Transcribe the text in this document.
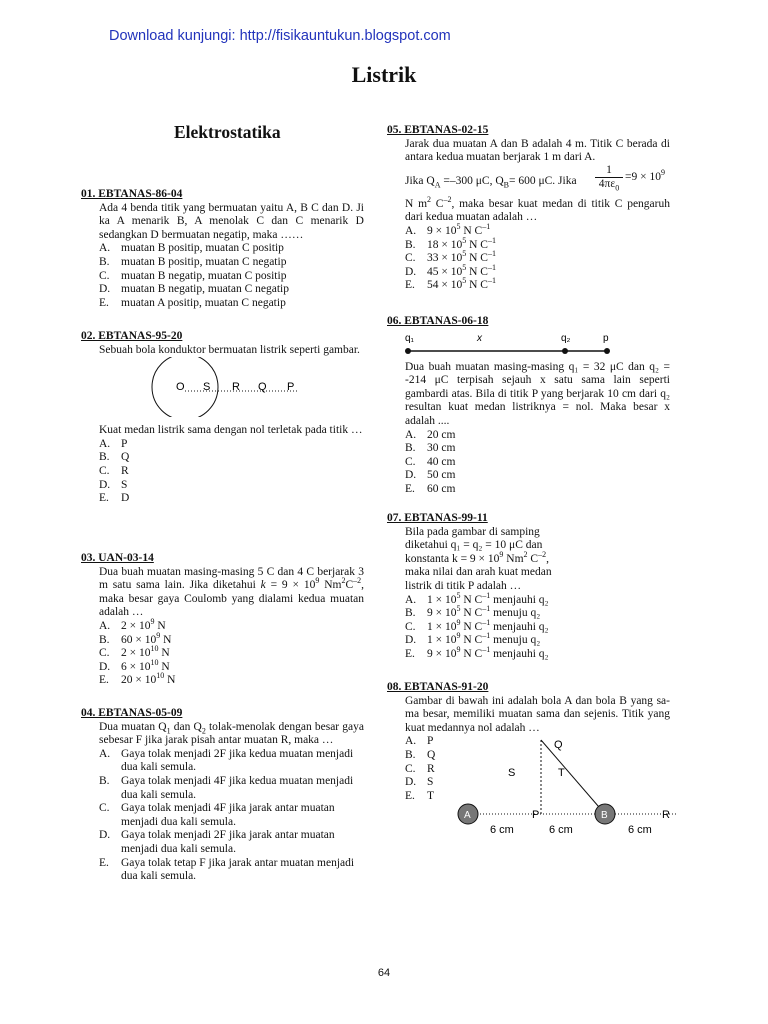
Download kunjungi: http://fisikauntukun.blogspot.com
Listrik
Elektrostatika
01. EBTANAS-86-04
Ada 4 benda titik yang bermuatan yaitu A, B C dan D. Ji ka A menarik B, A menolak C dan C menarik D sedangkan D bermuatan negatip, maka ……
A. muatan B positip, muatan C positip
B. muatan B positip, muatan C negatip
C. muatan B negatip, muatan C positip
D. muatan B negatip, muatan C negatip
E. muatan A positip, muatan C negatip
02. EBTANAS-95-20
Sebuah bola konduktor bermuatan listrik seperti gambar.
O S R Q P
Kuat medan listrik sama dengan nol terletak pada titik …
A. P
B. Q
C. R
D. S
E. D
03. UAN-03-14
Dua buah muatan masing-masing 5 C dan 4 C berjarak 3 m satu sama lain. Jika diketahui $k = 9 \times 10^9$ $Nm^2C^{-2}$, maka besar gaya Coulomb yang dialami kedua muatan adalah …
A. $2 \times 10^9$ N
B. $60 \times 10^9$ N
C. $2 \times 10^{10}$ N
D. $6 \times 10^{10}$ N
E. $20 \times 10^{10}$ N
04. EBTANAS-05-09
Dua muatan $Q_1$ dan $Q_2$ tolak-menolak dengan besar gaya sebesar F jika jarak pisah antar muatan R, maka …
A. Gaya tolak menjadi 2F jika kedua muatan menjadi dua kali semula.
B. Gaya tolak menjadi 4F jika kedua muatan menjadi dua kali semula.
C. Gaya tolak menjadi 4F jika jarak antar muatan menjadi dua kali semula.
D. Gaya tolak menjadi 2F jika jarak antar muatan menjadi dua kali semula.
E. Gaya tolak tetap F jika jarak antar muatan menjadi dua kali semula.
05. EBTANAS-02-15
Jarak dua muatan A dan B adalah 4 m. Titik C berada di antara kedua muatan berjarak 1 m dari A.
Jika $Q_A =-300$ μC, $Q_B= 600$ μC. Jika
1
$4\pi\varepsilon_0$
$=9 \times 10^9$
N $m^2$ $C^{-2}$, maka besar kuat medan di titik C pengaruh dari kedua muatan adalah …
A. $9 \times 10^5$ N $C^{-1}$
B. $18 \times 10^5$ N $C^{-1}$
C. $33 \times 10^5$ N $C^{-1}$
D. $45 \times 10^5$ N $C^{-1}$
E. $54 \times 10^5$ N $C^{-1}$
06. EBTANAS-06-18
q₁	x	q₂	p
Dua buah muatan masing-masing q₁ = 32 μC dan q₂ = -214 μC terpisah sejauh x satu sama lain seperti gambardi atas. Bila di titik P yang berjarak 10 cm dari q₂ resultan kuat medan listriknya = nol. Maka besar x adalah ....
A. 20 cm
B. 30 cm
C. 40 cm
D. 50 cm
E. 60 cm
07. EBTANAS-99-11
Bila pada gambar di samping
diketahui q₁ = q₂ = 10 μC dan
konstanta $k = 9 \times 10^9$ Nm$^2$ $C^{-2}$,
maka nilai dan arah kuat medan
listrik di titik P adalah …
A. $1 \times 10^5$ N $C^{-1}$ menjauhi q₂
B. $9 \times 10^5$ N $C^{-1}$ menuju q₂
C. $1 \times 10^9$ N $C^{-1}$ menjauhi q₂
D. $1 \times 10^9$ N $C^{-1}$ menuju q₂
E. $9 \times 10^9$ N $C^{-1}$ menjauhi q₂
08. EBTANAS-91-20
Gambar di bawah ini adalah bola A dan bola B yang sa-ma besar, memiliki muatan sama dan sejenis. Titik yang kuat medannya nol adalah …
A. P
B. Q
C. R
D. S
E. T
Q
S	T
A	B
P	R
6 cm	6 cm	6 cm
64
